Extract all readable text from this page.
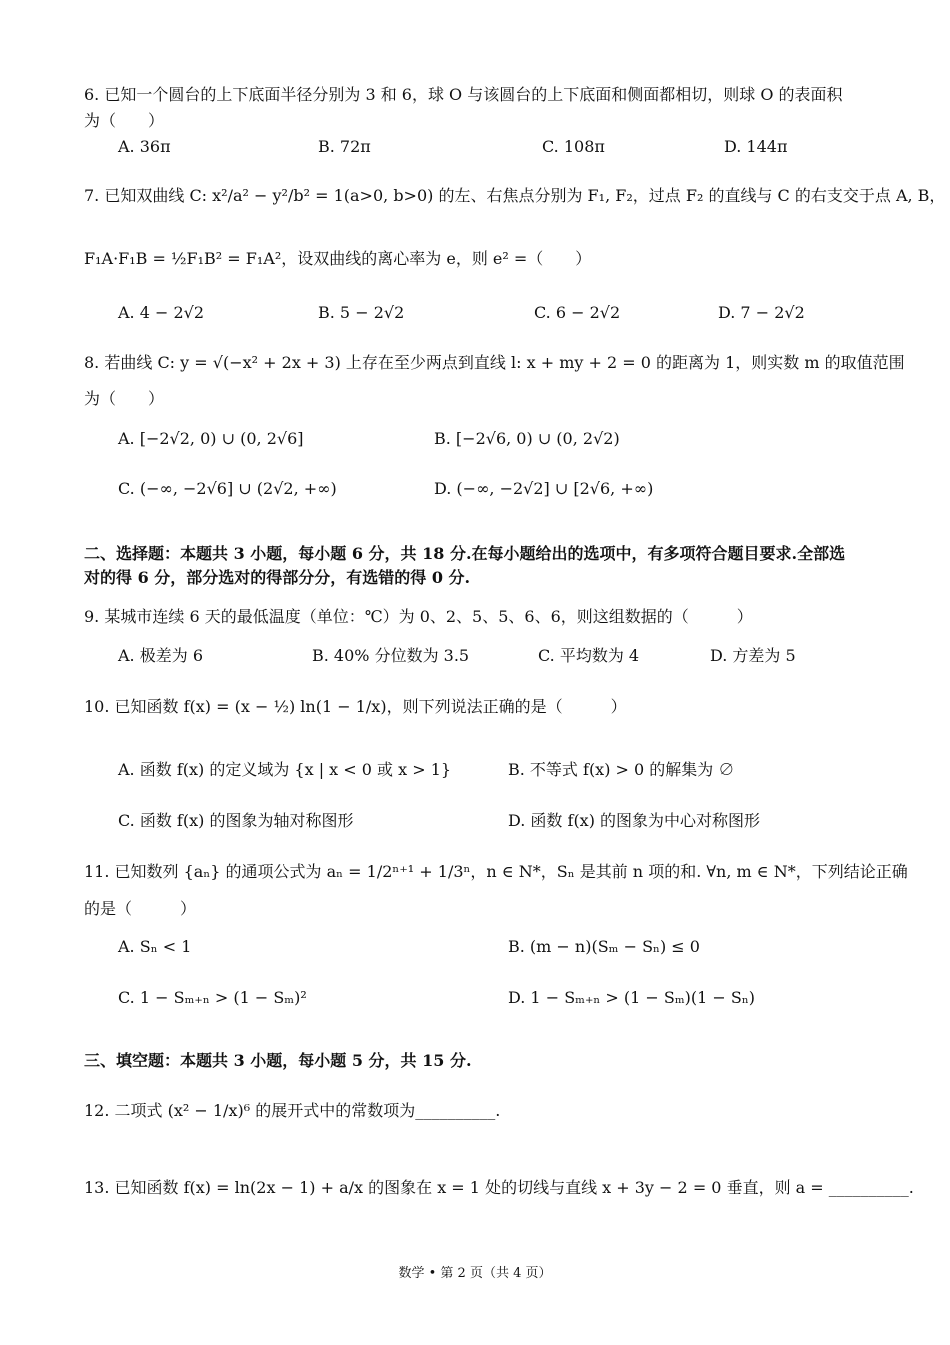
6. 已知一个圆台的上下底面半径分别为 3 和 6，球 O 与该圆台的上下底面和侧面都相切，则球 O 的表面积
为（　　）
A. 36π	B. 72π	C. 108π	D. 144π
7. 已知双曲线 C: x²/a² − y²/b² = 1(a>0, b>0) 的左、右焦点分别为 F₁, F₂，过点 F₂ 的直线与 C 的右支交于点 A, B，
F₁A·F₁B = ½F₁B² = F₁A²，设双曲线的离心率为 e，则 e² =（　　）
A. 4 − 2√2	B. 5 − 2√2	C. 6 − 2√2	D. 7 − 2√2
8. 若曲线 C: y = √(−x² + 2x + 3) 上存在至少两点到直线 l: x + my + 2 = 0 的距离为 1，则实数 m 的取值范围
为（　　）
A. [−2√2, 0) ∪ (0, 2√6]	B. [−2√6, 0) ∪ (0, 2√2)
C. (−∞, −2√6] ∪ (2√2, +∞)	D. (−∞, −2√2] ∪ [2√6, +∞)
二、选择题：本题共 3 小题，每小题 6 分，共 18 分.在每小题给出的选项中，有多项符合题目要求.全部选
对的得 6 分，部分选对的得部分分，有选错的得 0 分.
9. 某城市连续 6 天的最低温度（单位：℃）为 0、2、5、5、6、6，则这组数据的（　　　）
A. 极差为 6	B. 40% 分位数为 3.5	C. 平均数为 4	D. 方差为 5
10. 已知函数 f(x) = (x − ½) ln(1 − 1/x)，则下列说法正确的是（　　　）
A. 函数 f(x) 的定义域为 {x | x < 0 或 x > 1}	B. 不等式 f(x) > 0 的解集为 ∅
C. 函数 f(x) 的图象为轴对称图形	D. 函数 f(x) 的图象为中心对称图形
11. 已知数列 {aₙ} 的通项公式为 aₙ = 1/2ⁿ⁺¹ + 1/3ⁿ，n ∈ N*，Sₙ 是其前 n 项的和. ∀n, m ∈ N*，下列结论正确
的是（　　　）
A. Sₙ < 1	B. (m − n)(Sₘ − Sₙ) ≤ 0
C. 1 − Sₘ₊ₙ > (1 − Sₘ)²	D. 1 − Sₘ₊ₙ > (1 − Sₘ)(1 − Sₙ)
三、填空题：本题共 3 小题，每小题 5 分，共 15 分.
12. 二项式 (x² − 1/x)⁶ 的展开式中的常数项为__________.
13. 已知函数 f(x) = ln(2x − 1) + a/x 的图象在 x = 1 处的切线与直线 x + 3y − 2 = 0 垂直，则 a = __________.
数学 • 第 2 页（共 4 页）
